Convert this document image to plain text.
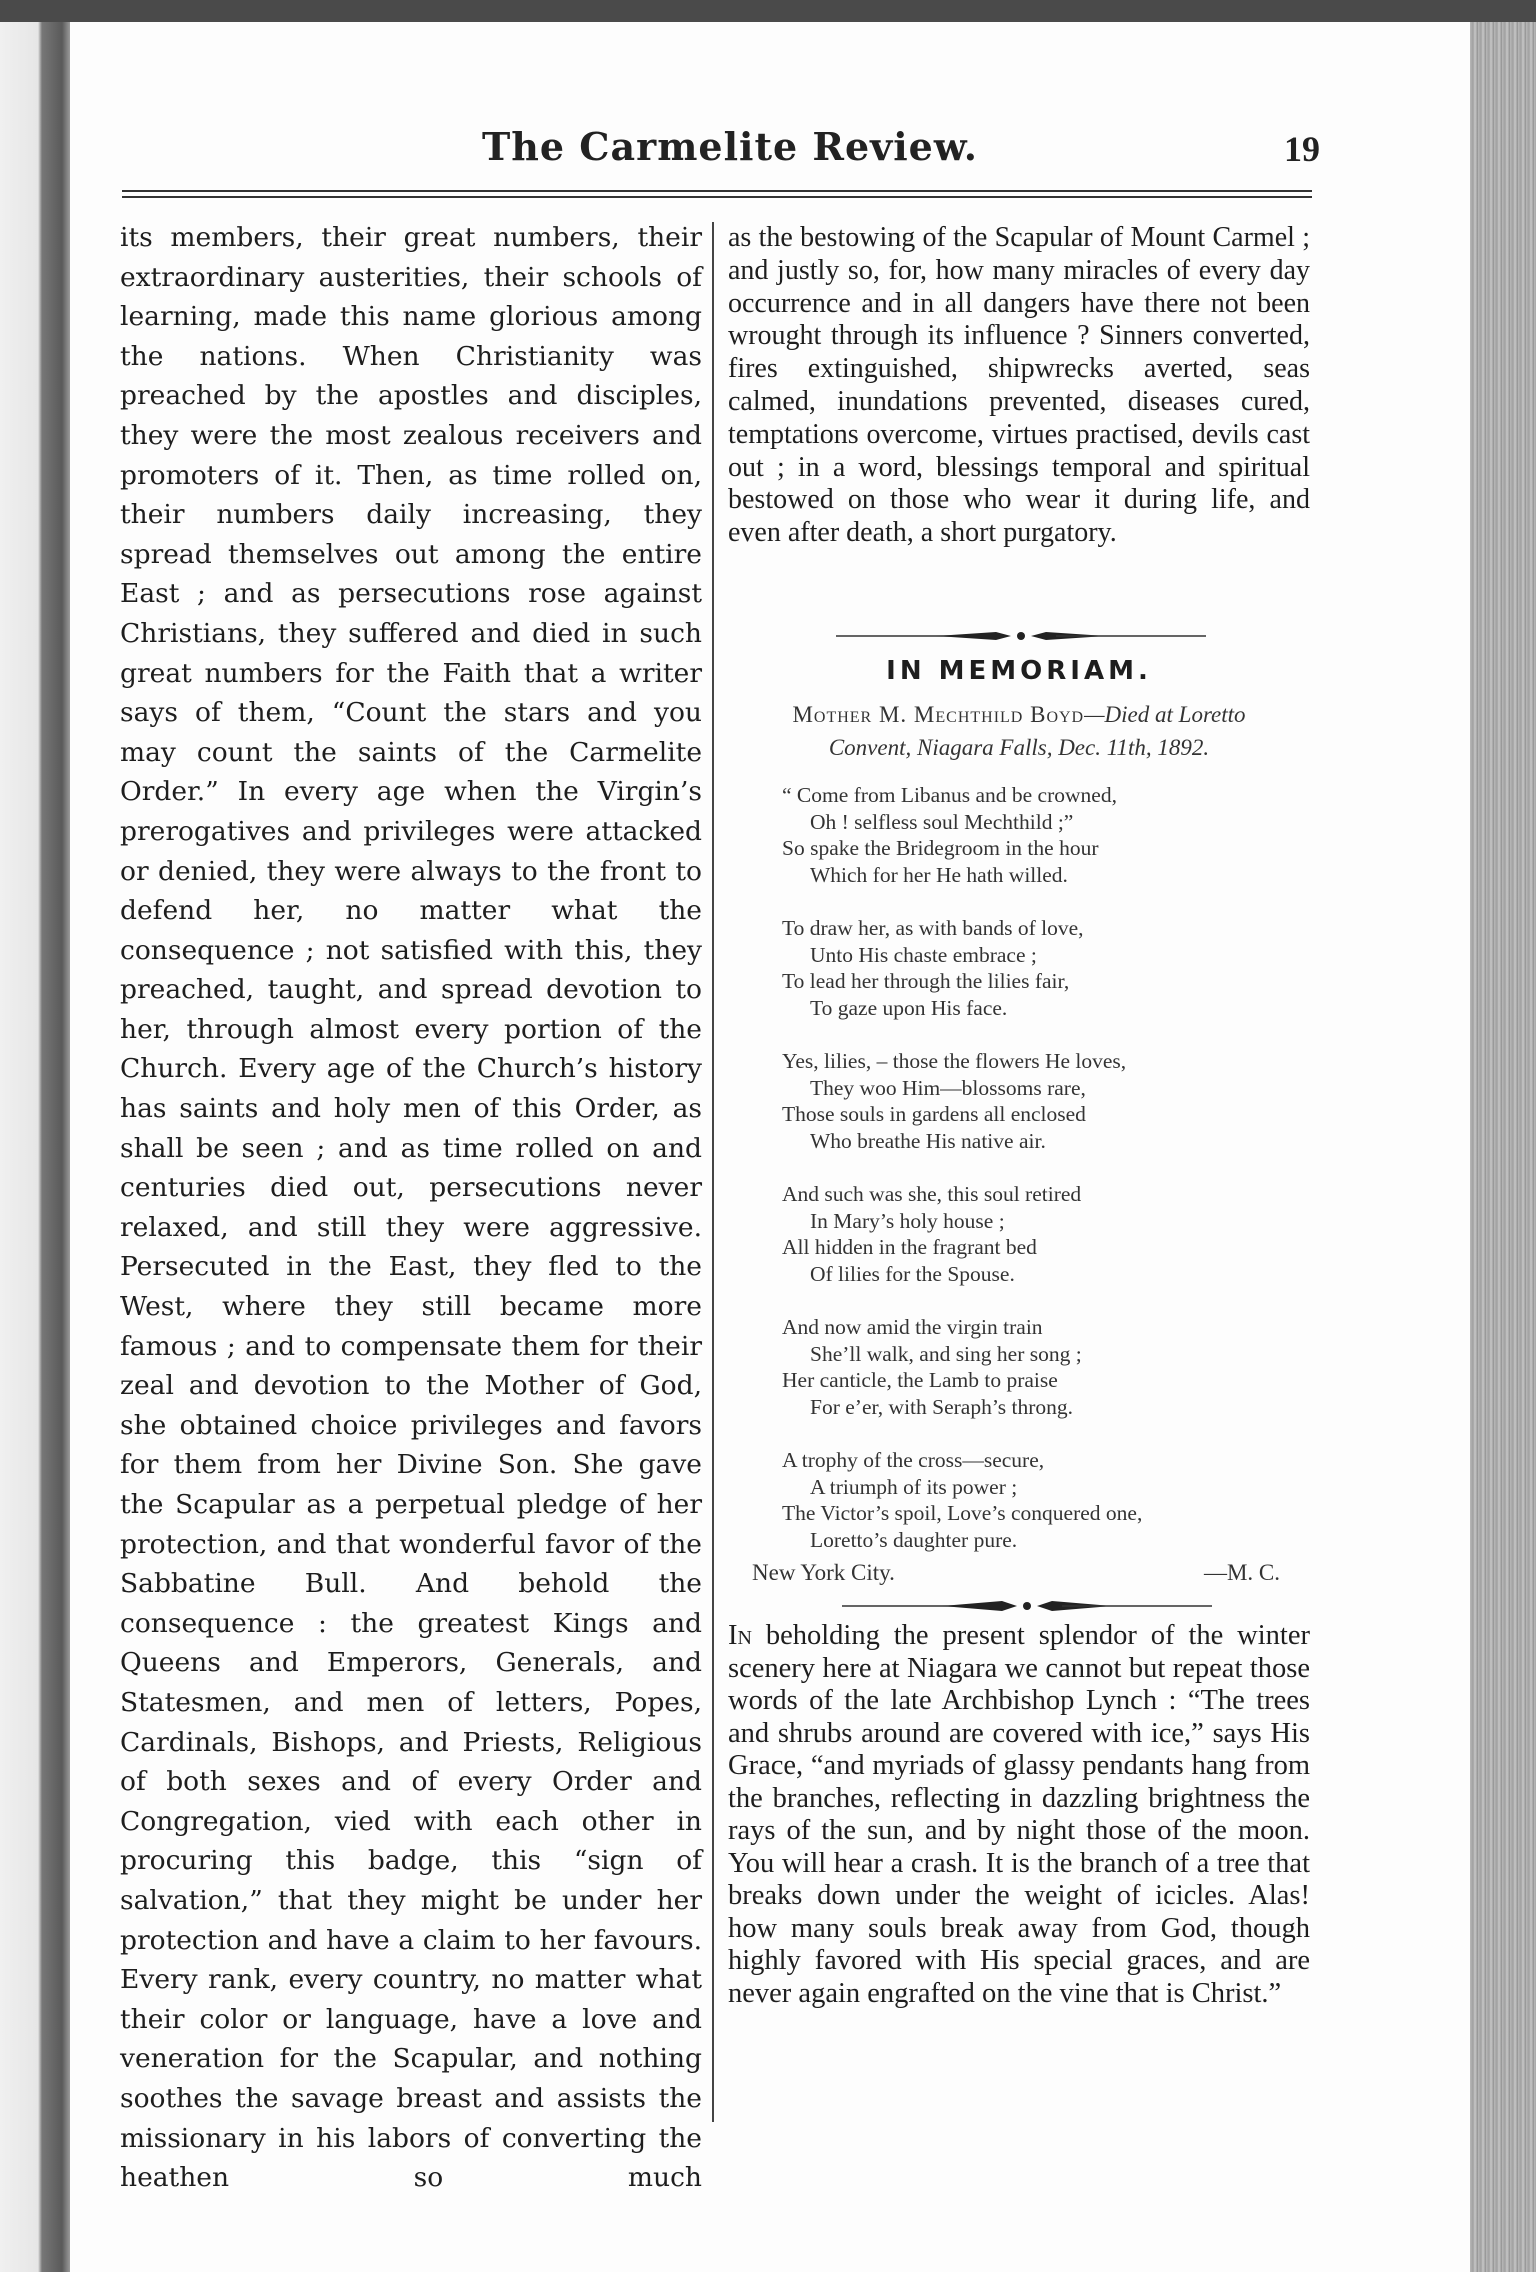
The Carmelite Review.	19

its members, their great numbers, their extraordinary austerities, their schools of learning, made this name glorious among the nations. When Christianity was preached by the apostles and disciples, they were the most zealous receivers and promoters of it. Then, as time rolled on, their numbers daily increasing, they spread themselves out among the entire East ; and as persecutions rose against Christians, they suffered and died in such great numbers for the Faith that a writer says of them, “Count the stars and you may count the saints of the Carmelite Order.” In every age when the Virgin’s prerogatives and privileges were attacked or denied, they were always to the front to defend her, no matter what the consequence ; not satisfied with this, they preached, taught, and spread devotion to her, through almost every portion of the Church. Every age of the Church’s history has saints and holy men of this Order, as shall be seen ; and as time rolled on and centuries died out, persecutions never relaxed, and still they were aggressive. Persecuted in the East, they fled to the West, where they still became more famous ; and to compensate them for their zeal and devotion to the Mother of God, she obtained choice privileges and favors for them from her Divine Son. She gave the Scapular as a perpetual pledge of her protection, and that wonderful favor of the Sabbatine Bull. And behold the consequence : the greatest Kings and Queens and Emperors, Generals, and Statesmen, and men of letters, Popes, Cardinals, Bishops, and Priests, Religious of both sexes and of every Order and Congregation, vied with each other in procuring this badge, this “sign of salvation,” that they might be under her protection and have a claim to her favours. Every rank, every country, no matter what their color or language, have a love and veneration for the Scapular, and nothing soothes the savage breast and assists the missionary in his labors of converting the heathen so much

as the bestowing of the Scapular of Mount Carmel ; and justly so, for, how many miracles of every day occurrence and in all dangers have there not been wrought through its influence ? Sinners converted, fires extinguished, shipwrecks averted, seas calmed, inundations prevented, diseases cured, temptations overcome, virtues practised, devils cast out ; in a word, blessings temporal and spiritual bestowed on those who wear it during life, and even after death, a short purgatory.

IN MEMORIAM.
Mother M. Mechthild Boyd—Died at Loretto
Convent, Niagara Falls, Dec. 11th, 1892.
“ Come from Libanus and be crowned,
Oh ! selfless soul Mechthild ;”
So spake the Bridegroom in the hour
Which for her He hath willed.
To draw her, as with bands of love,
Unto His chaste embrace ;
To lead her through the lilies fair,
To gaze upon His face.
Yes, lilies, – those the flowers He loves,
They woo Him—blossoms rare,
Those souls in gardens all enclosed
Who breathe His native air.
And such was she, this soul retired
In Mary’s holy house ;
All hidden in the fragrant bed
Of lilies for the Spouse.
And now amid the virgin train
She’ll walk, and sing her song ;
Her canticle, the Lamb to praise
For e’er, with Seraph’s throng.
A trophy of the cross—secure,
A triumph of its power ;
The Victor’s spoil, Love’s conquered one,
Loretto’s daughter pure.
New York City.	—M. C.

In beholding the present splendor of the winter scenery here at Niagara we cannot but repeat those words of the late Archbishop Lynch : “The trees and shrubs around are covered with ice,” says His Grace, “and myriads of glassy pendants hang from the branches, reflecting in dazzling brightness the rays of the sun, and by night those of the moon. You will hear a crash. It is the branch of a tree that breaks down under the weight of icicles. Alas! how many souls break away from God, though highly favored with His special graces, and are never again engrafted on the vine that is Christ.”
